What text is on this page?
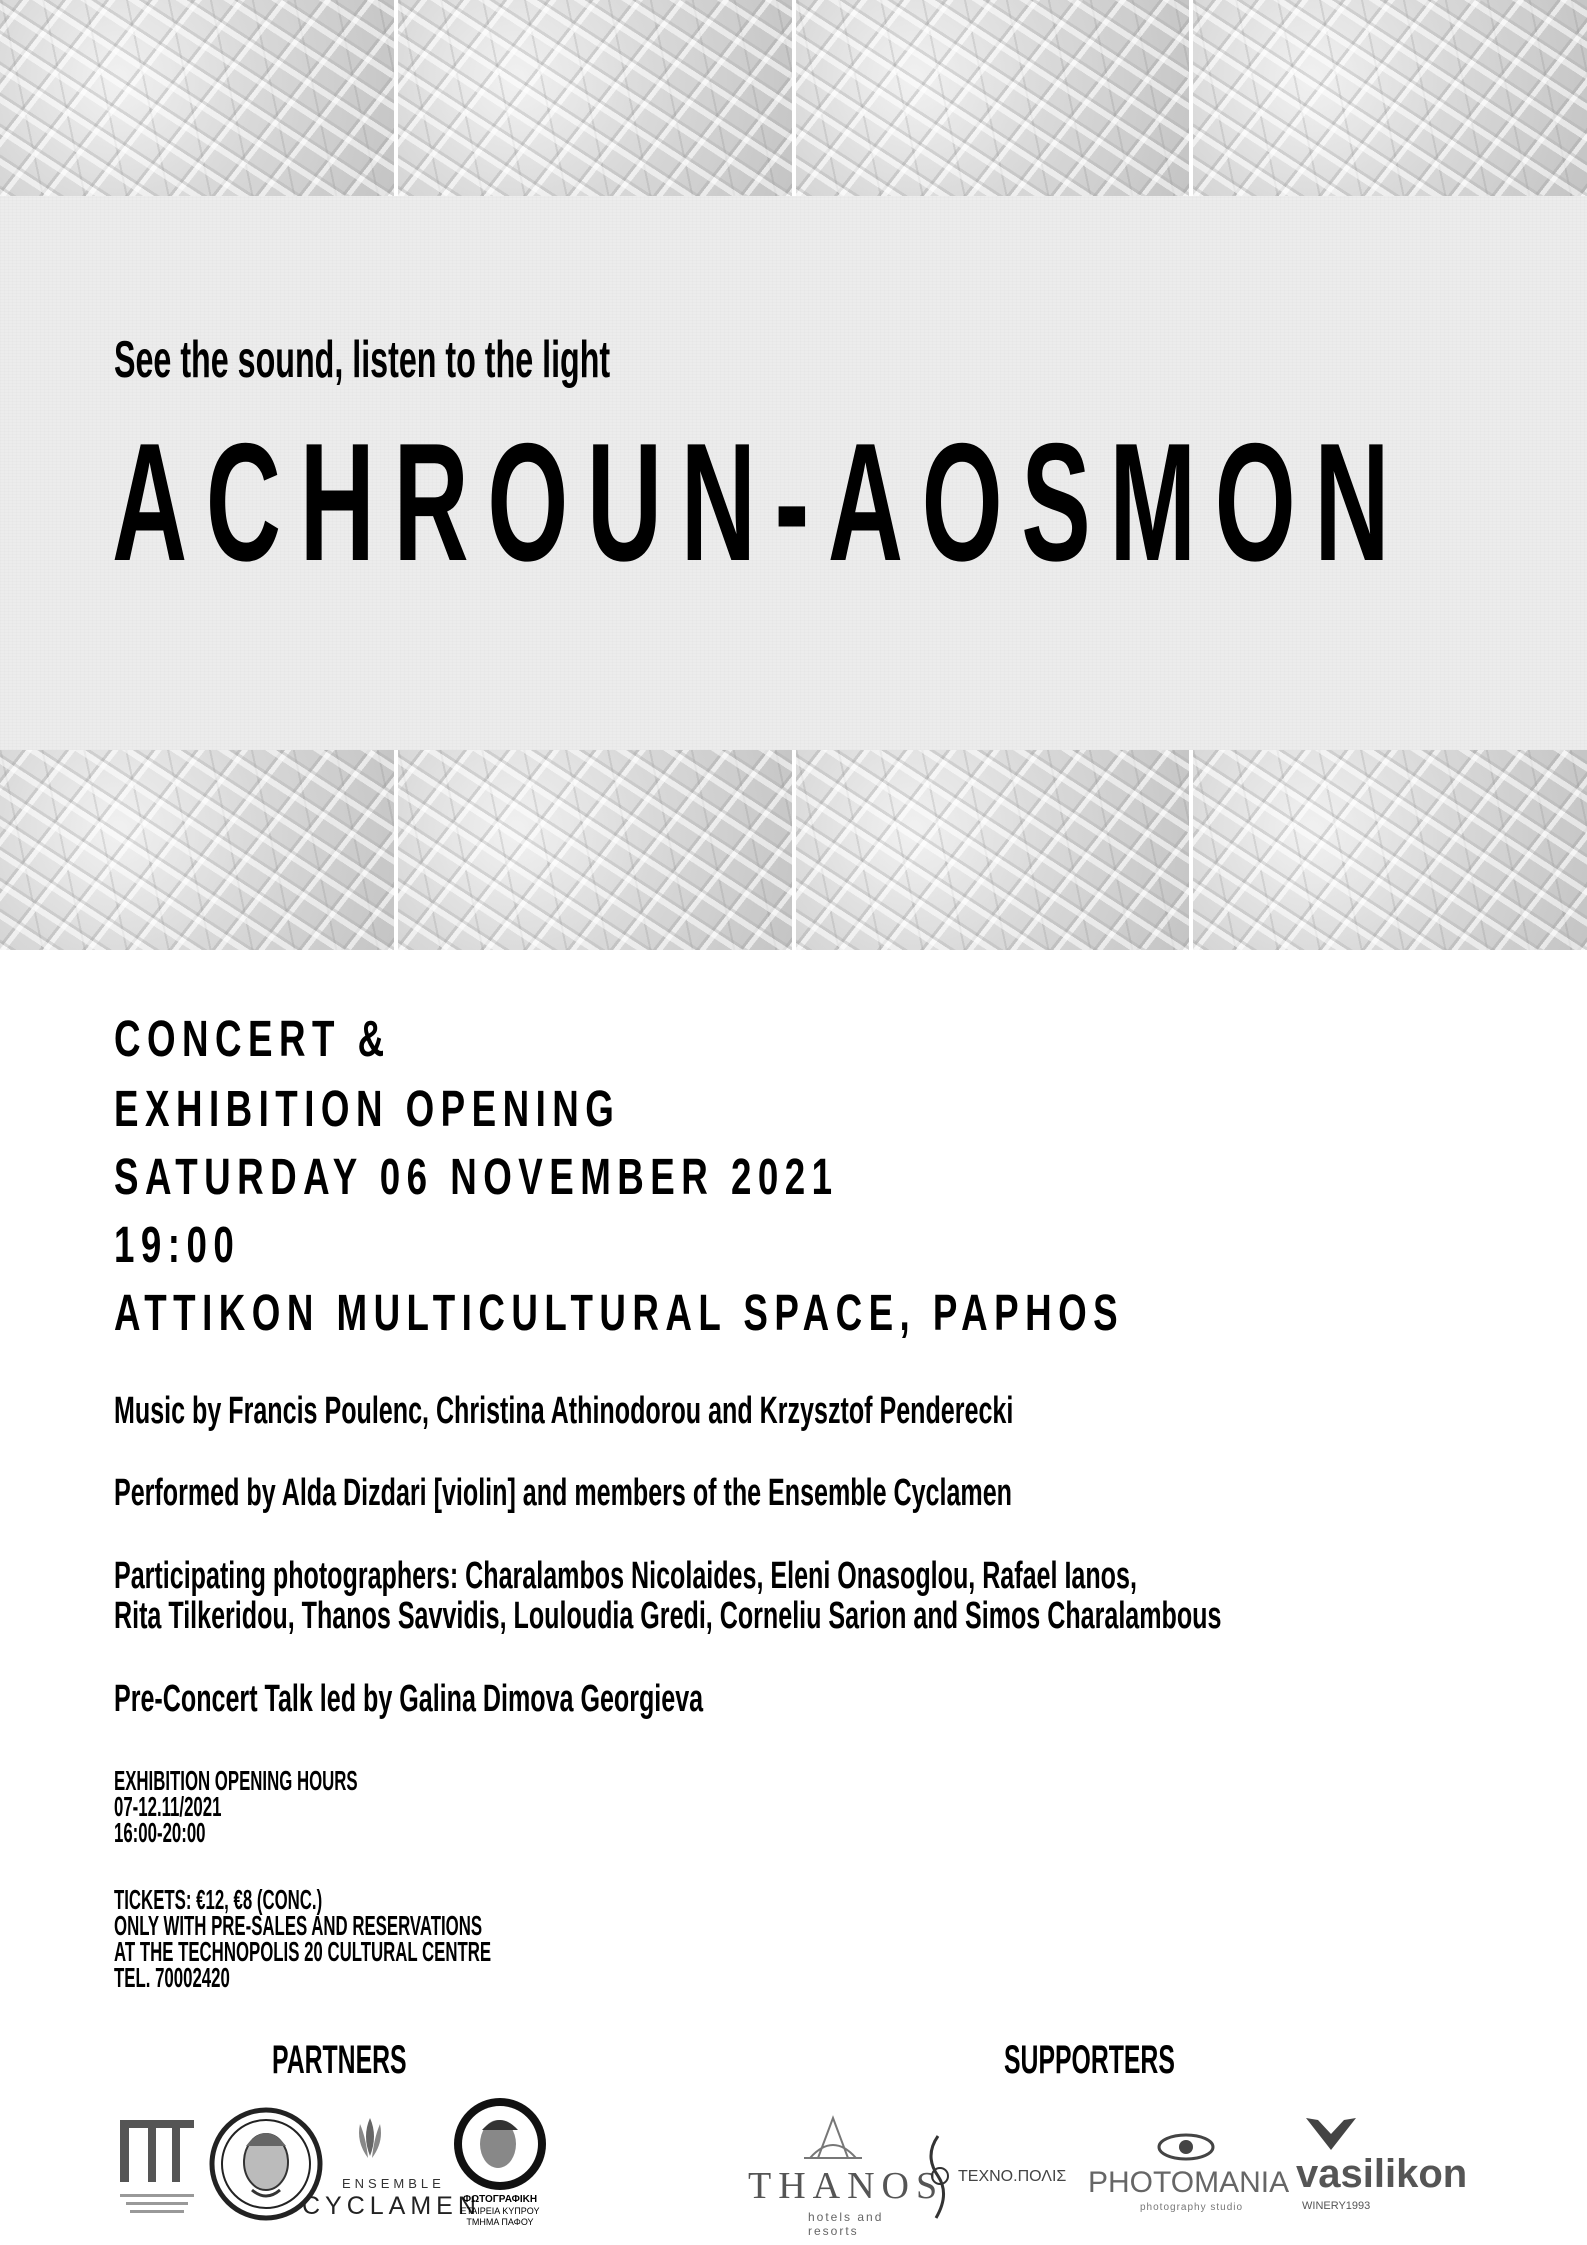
See the sound, listen to the light
ACHROUN-AOSMON
CONCERT &
EXHIBITION OPENING
SATURDAY 06 NOVEMBER 2021
19:00
ATTIKON MULTICULTURAL SPACE, PAPHOS
Music by Francis Poulenc, Christina Athinodorou and Krzysztof Penderecki
Performed by Alda Dizdari [violin] and members of the Ensemble Cyclamen
Participating photographers: Charalambos Nicolaides, Eleni Onasoglou, Rafael Ianos,
Rita Tilkeridou, Thanos Savvidis, Louloudia Gredi, Corneliu Sarion and Simos Charalambous
Pre-Concert Talk led by Galina Dimova Georgieva
EXHIBITION OPENING HOURS
07-12.11/2021
16:00-20:00
TICKETS: €12, €8 (CONC.)
ONLY WITH PRE-SALES AND RESERVATIONS
AT THE TECHNOPOLIS 20 CULTURAL CENTRE
TEL. 70002420
PARTNERS	SUPPORTERS
ENSEMBLE
CYCLAMEN
ΦΩΤΟΓΡΑΦΙΚΗ
ΕΤΑΙΡΕΙΑ ΚΥΠΡΟΥ
ΤΜΗΜΑ ΠΑΦΟΥ
THANOS
hotels and resorts
ΤΕΧΝΟ.ΠΟΛΙΣ PHOTOMANIA
photography studio
vasilikon
WINERY1993
